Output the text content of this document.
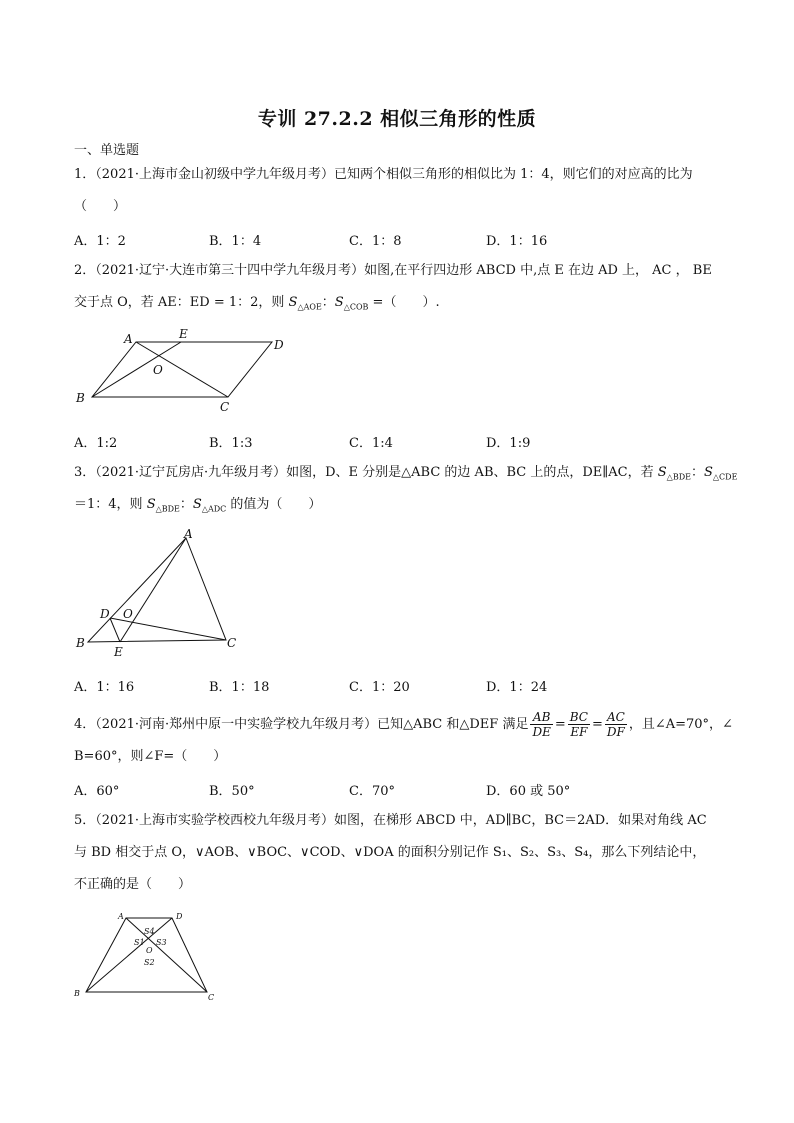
专训 27.2.2 相似三角形的性质
一、单选题
1．（2021·上海市金山初级中学九年级月考）已知两个相似三角形的相似比为 1：4，则它们的对应高的比为
（　　）
A．1：2	B．1：4	C．1：8	D．1：16
2．（2021·辽宁·大连市第三十四中学九年级月考）如图,在平行四边形 ABCD 中,点 E 在边 AD 上， AC ， BE
交于点 O，若 AE：ED = 1：2，则 $S_{\triangle AOE}$：$S_{\triangle COB}$ =（　　）.
A	E
D
O
B
C
A．1:2	B．1:3	C．1:4	D．1:9
3．（2021·辽宁瓦房店·九年级月考）如图，D、E 分别是△ABC 的边 AB、BC 上的点，DE∥AC，若 $S_{\triangle BDE}$：$S_{\triangle CDE}$
＝1：4，则 $S_{\triangle BDE}$：$S_{\triangle ADC}$ 的值为（　　）
A
D O
B
E
C
A．1：16	B．1：18	C．1：20	D．1：24
4．（2021·河南·郑州中原一中实验学校九年级月考）已知△ABC 和△DEF 满足 $\frac{AB}{DE} = \frac{BC}{EF} = \frac{AC}{DF}$ ，且∠A=70°，∠
B=60°，则∠F=（　　）
A．60°	B．50°	C．70°	D．60 或 50°
5．（2021·上海市实验学校西校九年级月考）如图，在梯形 ABCD 中，AD∥BC，BC＝2AD．如果对角线 AC
与 BD 相交于点 O，∨AOB、∨BOC、∨COD、∨DOA 的面积分别记作 S₁、S₂、S₃、S₄，那么下列结论中，
不正确的是（　　）
A	D
B	C
S4
S1 S3
O
S2
